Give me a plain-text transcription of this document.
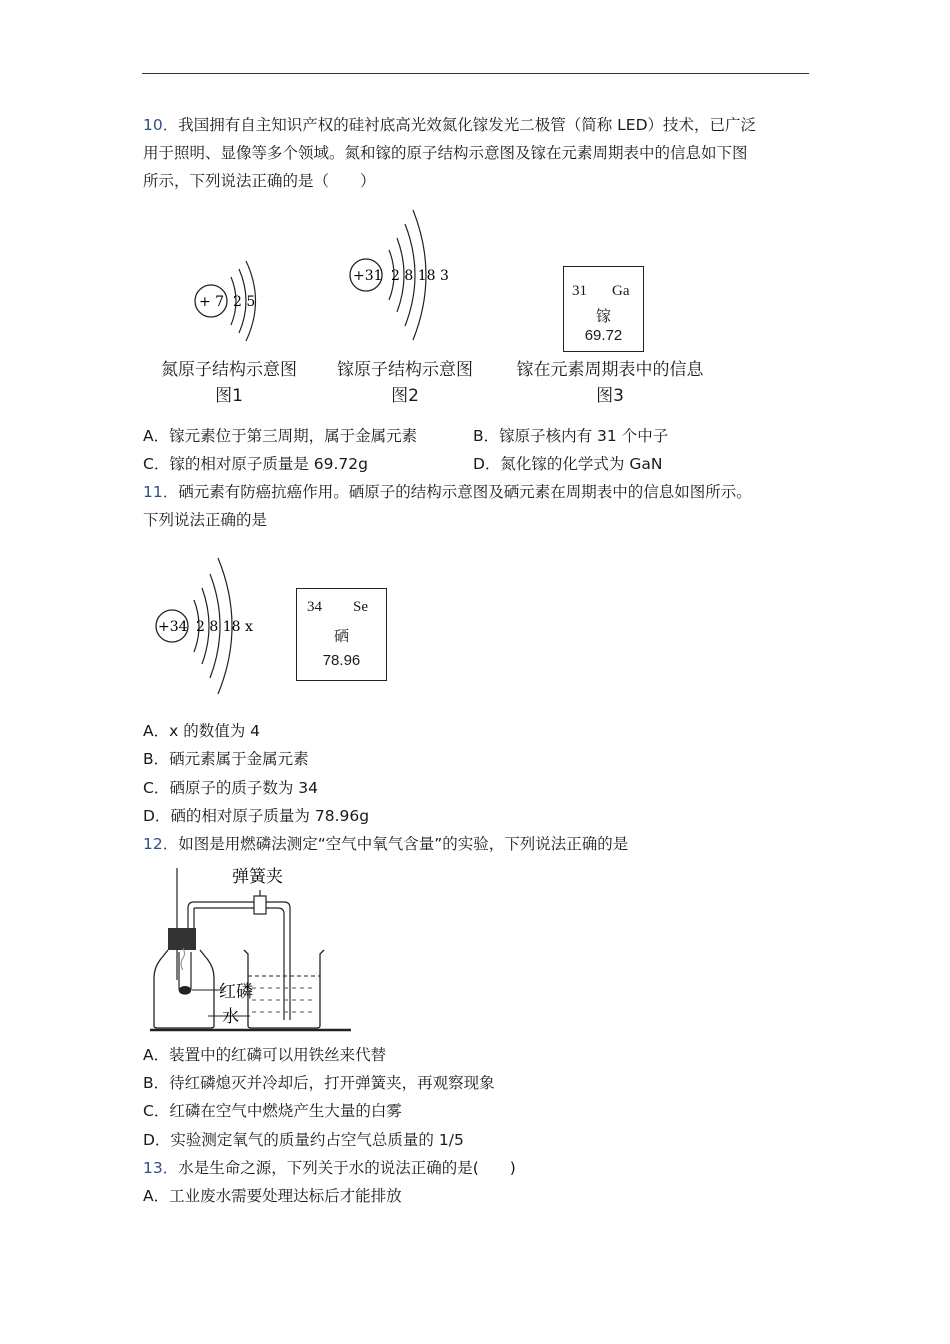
10．我国拥有自主知识产权的硅衬底高光效氮化镓发光二极管（简称 LED）技术，已广泛
用于照明、显像等多个领域。氮和镓的原子结构示意图及镓在元素周期表中的信息如下图
所示，下列说法正确的是（　　）
+ 7 2 5
氮原子结构示意图
图1
+31 2 8 18 3
镓原子结构示意图
图2
31 Ga
镓
69.72
镓在元素周期表中的信息
图3
A．镓元素位于第三周期，属于金属元素	B．镓原子核内有 31 个中子
C．镓的相对原子质量是 69.72g	D．氮化镓的化学式为 GaN
11．硒元素有防癌抗癌作用。硒原子的结构示意图及硒元素在周期表中的信息如图所示。
下列说法正确的是
+34 2 8 18 x
34 Se
硒
78.96
A．x 的数值为 4
B．硒元素属于金属元素
C．硒原子的质子数为 34
D．硒的相对原子质量为 78.96g
12．如图是用燃磷法测定“空气中氧气含量”的实验，下列说法正确的是
弹簧夹
红磷
水
A．装置中的红磷可以用铁丝来代替
B．待红磷熄灭并冷却后，打开弹簧夹，再观察现象
C．红磷在空气中燃烧产生大量的白雾
D．实验测定氧气的质量约占空气总质量的 1/5
13．水是生命之源，下列关于水的说法正确的是(　　)
A．工业废水需要处理达标后才能排放
